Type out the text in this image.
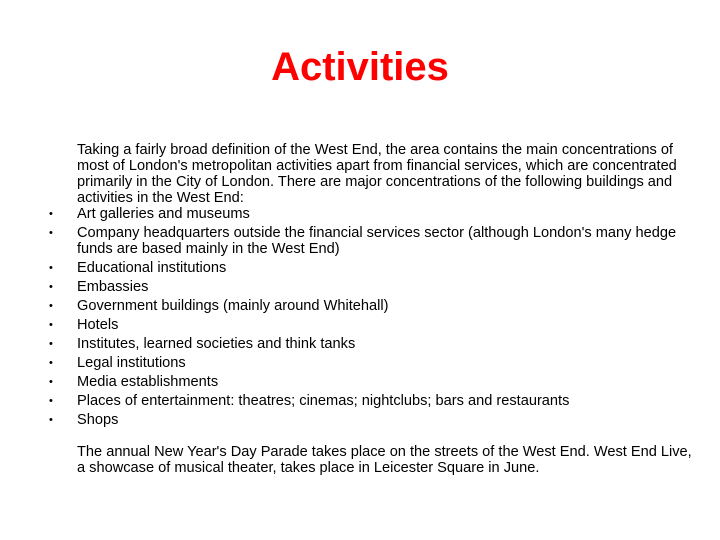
Activities

Taking a fairly broad definition of the West End, the area contains the main concentrations of most of London's metropolitan activities apart from financial services, which are concentrated primarily in the City of London. There are major concentrations of the following buildings and activities in the West End:

• Art galleries and museums
• Company headquarters outside the financial services sector (although London's many hedge funds are based mainly in the West End)
• Educational institutions
• Embassies
• Government buildings (mainly around Whitehall)
• Hotels
• Institutes, learned societies and think tanks
• Legal institutions
• Media establishments
• Places of entertainment: theatres; cinemas; nightclubs; bars and restaurants
• Shops

The annual New Year's Day Parade takes place on the streets of the West End. West End Live, a showcase of musical theater, takes place in Leicester Square in June.
